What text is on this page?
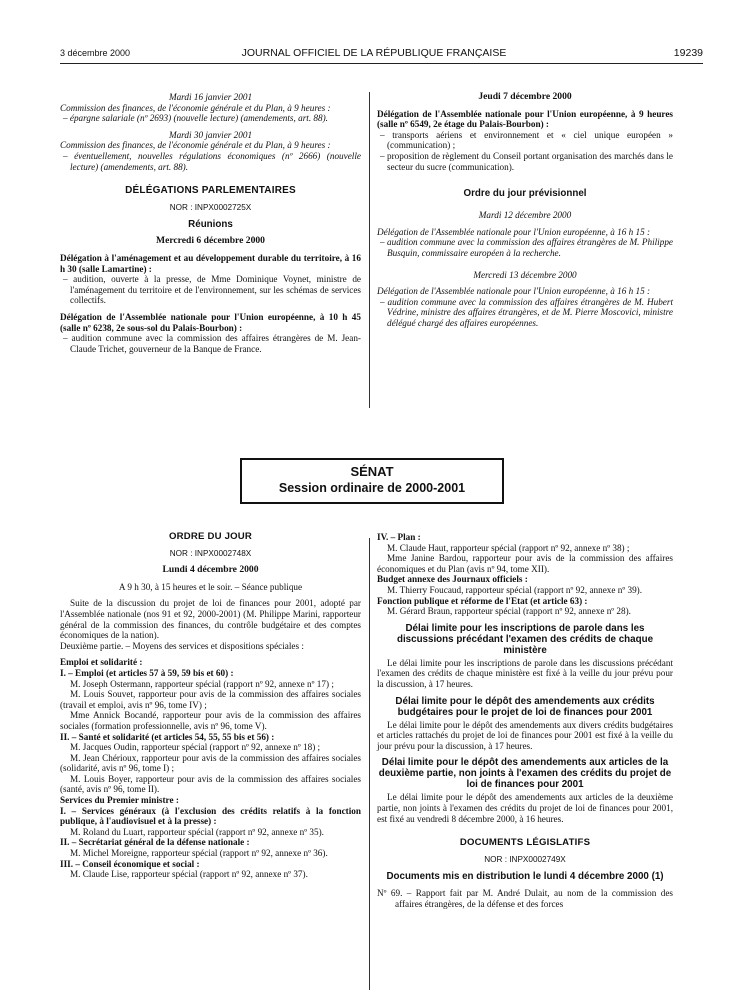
3 décembre 2000	JOURNAL OFFICIEL DE LA RÉPUBLIQUE FRANÇAISE	19239

Mardi 16 janvier 2001

Commission des finances, de l'économie générale et du Plan, à 9 heures :

– épargne salariale (nº 2693) (nouvelle lecture) (amendements, art. 88).

Mardi 30 janvier 2001

Commission des finances, de l'économie générale et du Plan, à 9 heures :

– éventuellement, nouvelles régulations économiques (nº 2666) (nouvelle lecture) (amendements, art. 88).

DÉLÉGATIONS PARLEMENTAIRES

NOR : INPX0002725X

Réunions

Mercredi 6 décembre 2000

Délégation à l'aménagement et au développement durable du territoire, à 16 h 30 (salle Lamartine) :

– audition, ouverte à la presse, de Mme Dominique Voynet, ministre de l'aménagement du territoire et de l'environnement, sur les schémas de services collectifs.

Délégation de l'Assemblée nationale pour l'Union européenne, à 10 h 45 (salle nº 6238, 2e sous-sol du Palais-Bourbon) :

– audition commune avec la commission des affaires étrangères de M. Jean-Claude Trichet, gouverneur de la Banque de France.

Jeudi 7 décembre 2000

Délégation de l'Assemblée nationale pour l'Union européenne, à 9 heures (salle nº 6549, 2e étage du Palais-Bourbon) :

– transports aériens et environnement et « ciel unique européen » (communication) ;

– proposition de règlement du Conseil portant organisation des marchés dans le secteur du sucre (communication).

Ordre du jour prévisionnel

Mardi 12 décembre 2000

Délégation de l'Assemblée nationale pour l'Union européenne, à 16 h 15 :

– audition commune avec la commission des affaires étrangères de M. Philippe Busquin, commissaire européen à la recherche.

Mercredi 13 décembre 2000

Délégation de l'Assemblée nationale pour l'Union européenne, à 16 h 15 :

– audition commune avec la commission des affaires étrangères de M. Hubert Védrine, ministre des affaires étrangères, et de M. Pierre Moscovici, ministre délégué chargé des affaires européennes.

SÉNAT
Session ordinaire de 2000-2001

ORDRE DU JOUR

NOR : INPX0002748X

Lundi 4 décembre 2000

A 9 h 30, à 15 heures et le soir. – Séance publique

Suite de la discussion du projet de loi de finances pour 2001, adopté par l'Assemblée nationale (nos 91 et 92, 2000-2001) (M. Philippe Marini, rapporteur général de la commission des finances, du contrôle budgétaire et des comptes économiques de la nation).

Deuxième partie. – Moyens des services et dispositions spéciales :

Emploi et solidarité :

I. – Emploi (et articles 57 à 59, 59 bis et 60) :

M. Joseph Ostermann, rapporteur spécial (rapport nº 92, annexe nº 17) ;

M. Louis Souvet, rapporteur pour avis de la commission des affaires sociales (travail et emploi, avis nº 96, tome IV) ;

Mme Annick Bocandé, rapporteur pour avis de la commission des affaires sociales (formation professionnelle, avis nº 96, tome V).

II. – Santé et solidarité (et articles 54, 55, 55 bis et 56) :

M. Jacques Oudin, rapporteur spécial (rapport nº 92, annexe nº 18) ;

M. Jean Chérioux, rapporteur pour avis de la commission des affaires sociales (solidarité, avis nº 96, tome I) ;

M. Louis Boyer, rapporteur pour avis de la commission des affaires sociales (santé, avis nº 96, tome II).

Services du Premier ministre :

I. – Services généraux (à l'exclusion des crédits relatifs à la fonction publique, à l'audiovisuel et à la presse) :

M. Roland du Luart, rapporteur spécial (rapport nº 92, annexe nº 35).

II. – Secrétariat général de la défense nationale :

M. Michel Moreigne, rapporteur spécial (rapport nº 92, annexe nº 36).

III. – Conseil économique et social :

M. Claude Lise, rapporteur spécial (rapport nº 92, annexe nº 37).

IV. – Plan :

M. Claude Haut, rapporteur spécial (rapport nº 92, annexe nº 38) ;

Mme Janine Bardou, rapporteur pour avis de la commission des affaires économiques et du Plan (avis nº 94, tome XII).

Budget annexe des Journaux officiels :

M. Thierry Foucaud, rapporteur spécial (rapport nº 92, annexe nº 39).

Fonction publique et réforme de l'Etat (et article 63) :

M. Gérard Braun, rapporteur spécial (rapport nº 92, annexe nº 28).

Délai limite pour les inscriptions de parole dans les discussions précédant l'examen des crédits de chaque ministère

Le délai limite pour les inscriptions de parole dans les discussions précédant l'examen des crédits de chaque ministère est fixé à la veille du jour prévu pour la discussion, à 17 heures.

Délai limite pour le dépôt des amendements aux crédits budgétaires pour le projet de loi de finances pour 2001

Le délai limite pour le dépôt des amendements aux divers crédits budgétaires et articles rattachés du projet de loi de finances pour 2001 est fixé à la veille du jour prévu pour la discussion, à 17 heures.

Délai limite pour le dépôt des amendements aux articles de la deuxième partie, non joints à l'examen des crédits du projet de loi de finances pour 2001

Le délai limite pour le dépôt des amendements aux articles de la deuxième partie, non joints à l'examen des crédits du projet de loi de finances pour 2001, est fixé au vendredi 8 décembre 2000, à 16 heures.

DOCUMENTS LÉGISLATIFS

NOR : INPX0002749X

Documents mis en distribution le lundi 4 décembre 2000 (1)

Nº 69. – Rapport fait par M. André Dulait, au nom de la commission des affaires étrangères, de la défense et des forces
